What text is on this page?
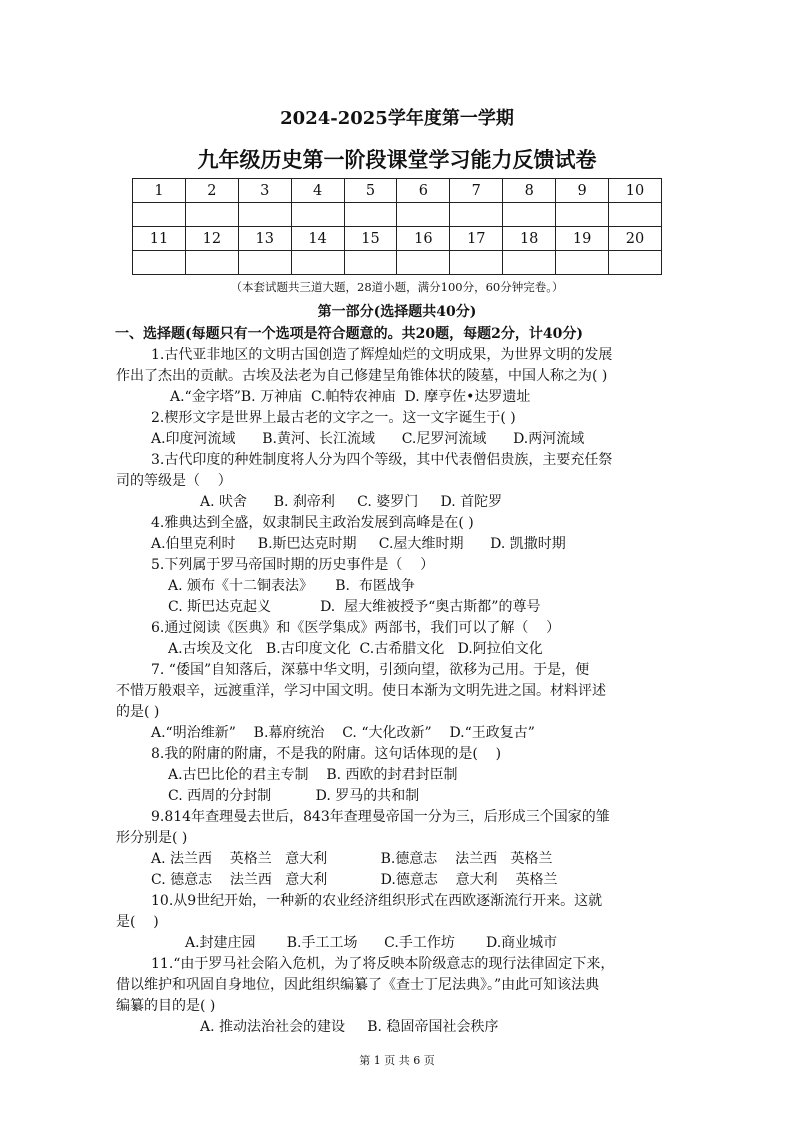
2024-2025学年度第一学期
九年级历史第一阶段课堂学习能力反馈试卷
1	2	3	4	5	6	7	8	9	10

11	12	13	14	15	16	17	18	19	20

（本套试题共三道大题，28道小题，满分100分，60分钟完卷。）
第一部分(选择题共40分)
一、选择题(每题只有一个选项是符合题意的。共20题，每题2分，计40分)
1.古代亚非地区的文明古国创造了辉煌灿烂的文明成果，为世界文明的发展
作出了杰出的贡献。古埃及法老为自己修建呈角锥体状的陵墓，中国人称之为( )
A.“金字塔”B. 万神庙  C.帕特农神庙  D. 摩亨佐•达罗遗址
2.楔形文字是世界上最古老的文字之一。这一文字诞生于( )
A.印度河流域      B.黄河、长江流域      C.尼罗河流域      D.两河流域
3.古代印度的种姓制度将人分为四个等级，其中代表僧侣贵族，主要充任祭
司的等级是（    ）
A. 吠舍      B. 刹帝利     C. 婆罗门     D. 首陀罗
4.雅典达到全盛，奴隶制民主政治发展到高峰是在( )
A.伯里克利时     B.斯巴达克时期     C.屋大维时期      D. 凯撒时期
5.下列属于罗马帝国时期的历史事件是（    ）
A. 颁布《十二铜表法》     B.  布匿战争
C. 斯巴达克起义           D.  屋大维被授予“奥古斯都”的尊号
6.通过阅读《医典》和《医学集成》两部书，我们可以了解（    ）
A.古埃及文化   B.古印度文化  C.古希腊文化   D.阿拉伯文化
7. “倭国”自知落后，深慕中华文明，引颈向望，欲移为己用。于是，便
不惜万般艰辛，远渡重洋，学习中国文明。使日本渐为文明先进之国。材料评述
的是( )
A.“明治维新”    B.幕府统治    C. “大化改新”    D.“王政复古”
8.我的附庸的附庸，不是我的附庸。这句话体现的是(    )
A.古巴比伦的君主专制    B. 西欧的封君封臣制
C. 西周的分封制          D. 罗马的共和制
9.814年查理曼去世后，843年查理曼帝国一分为三，后形成三个国家的雏
形分别是( )
A. 法兰西    英格兰   意大利            B.德意志    法兰西   英格兰
C. 德意志    法兰西   意大利            D.德意志    意大利    英格兰
10.从9世纪开始，一种新的农业经济组织形式在西欧逐渐流行开来。这就
是(    )
A.封建庄园       B.手工工场      C.手工作坊       D.商业城市
11.“由于罗马社会陷入危机，为了将反映本阶级意志的现行法律固定下来，
借以维护和巩固自身地位，因此组织编纂了《查士丁尼法典》。”由此可知该法典
编纂的目的是( )
A. 推动法治社会的建设     B. 稳固帝国社会秩序
第 1 页 共 6 页
